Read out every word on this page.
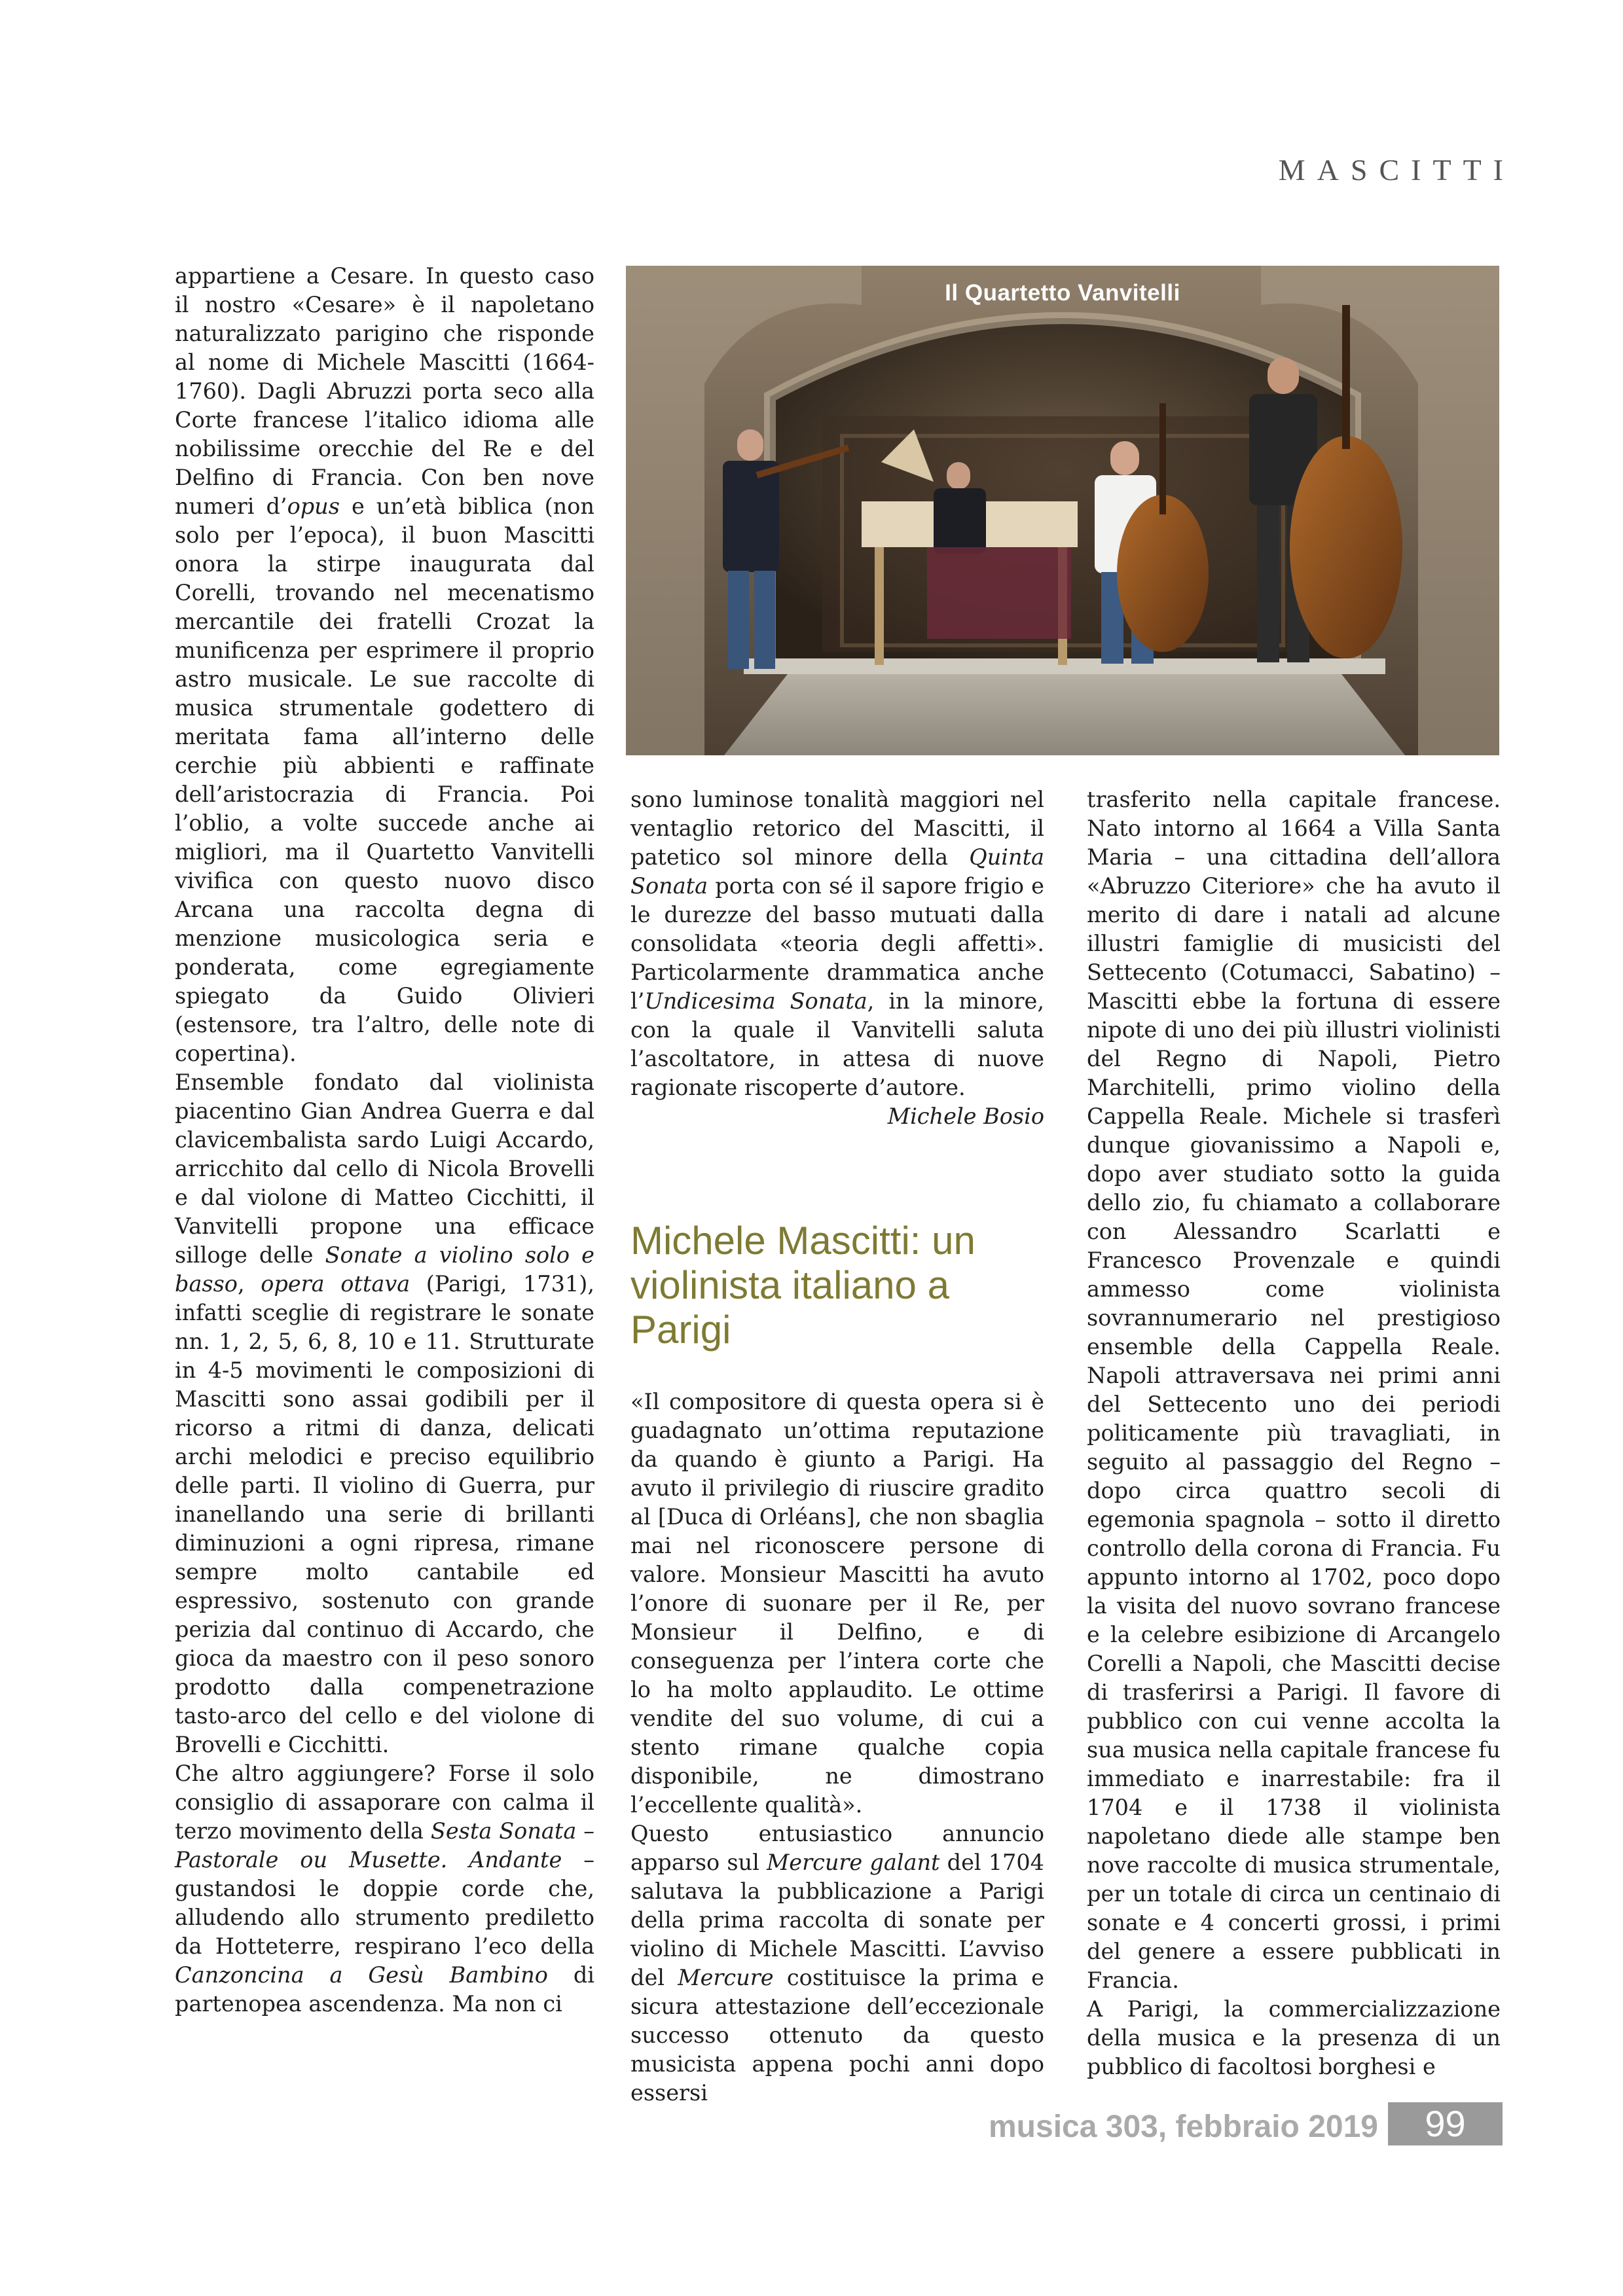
MASCITTI

appartiene a Cesare. In questo caso il nostro «Cesare» è il napoletano naturalizzato parigino che risponde al nome di Michele Mascitti (1664-1760). Dagli Abruzzi porta seco alla Corte francese l’italico idioma alle nobilissime orecchie del Re e del Delfino di Francia. Con ben nove numeri d’opus e un’età biblica (non solo per l’epoca), il buon Mascitti onora la stirpe inaugurata dal Corelli, trovando nel mecenatismo mercantile dei fratelli Crozat la munificenza per esprimere il proprio astro musicale. Le sue raccolte di musica strumentale godettero di meritata fama all’interno delle cerchie più abbienti e raffinate dell’aristocrazia di Francia. Poi l’oblio, a volte succede anche ai migliori, ma il Quartetto Vanvitelli vivifica con questo nuovo disco Arcana una raccolta degna di menzione musicologica seria e ponderata, come egregiamente spiegato da Guido Olivieri (estensore, tra l’altro, delle note di copertina).

Ensemble fondato dal violinista piacentino Gian Andrea Guerra e dal clavicembalista sardo Luigi Accardo, arricchito dal cello di Nicola Brovelli e dal violone di Matteo Cicchitti, il Vanvitelli propone una efficace silloge delle Sonate a violino solo e basso, opera ottava (Parigi, 1731), infatti sceglie di registrare le sonate nn. 1, 2, 5, 6, 8, 10 e 11. Strutturate in 4-5 movimenti le composizioni di Mascitti sono assai godibili per il ricorso a ritmi di danza, delicati archi melodici e preciso equilibrio delle parti. Il violino di Guerra, pur inanellando una serie di brillanti diminuzioni a ogni ripresa, rimane sempre molto cantabile ed espressivo, sostenuto con grande perizia dal continuo di Accardo, che gioca da maestro con il peso sonoro prodotto dalla compenetrazione tasto-arco del cello e del violone di Brovelli e Cicchitti.

Che altro aggiungere? Forse il solo consiglio di assaporare con calma il terzo movimento della Sesta Sonata – Pastorale ou Musette. Andante – gustandosi le doppie corde che, alludendo allo strumento prediletto da Hotteterre, respirano l’eco della Canzoncina a Gesù Bambino di partenopea ascendenza. Ma non ci

Il Quartetto Vanvitelli

sono luminose tonalità maggiori nel ventaglio retorico del Mascitti, il patetico sol minore della Quinta Sonata porta con sé il sapore frigio e le durezze del basso mutuati dalla consolidata «teoria degli affetti». Particolarmente drammatica anche l’Undicesima Sonata, in la minore, con la quale il Vanvitelli saluta l’ascoltatore, in attesa di nuove ragionate riscoperte d’autore.

Michele Bosio

Michele Mascitti: un violinista italiano a Parigi

«Il compositore di questa opera si è guadagnato un’ottima reputazione da quando è giunto a Parigi. Ha avuto il privilegio di riuscire gradito al [Duca di Orléans], che non sbaglia mai nel riconoscere persone di valore. Monsieur Mascitti ha avuto l’onore di suonare per il Re, per Monsieur il Delfino, e di conseguenza per l’intera corte che lo ha molto applaudito. Le ottime vendite del suo volume, di cui a stento rimane qualche copia disponibile, ne dimostrano l’eccellente qualità».

Questo entusiastico annuncio apparso sul Mercure galant del 1704 salutava la pubblicazione a Parigi della prima raccolta di sonate per violino di Michele Mascitti. L’avviso del Mercure costituisce la prima e sicura attestazione dell’eccezionale successo ottenuto da questo musicista appena pochi anni dopo essersi

trasferito nella capitale francese. Nato intorno al 1664 a Villa Santa Maria – una cittadina dell’allora «Abruzzo Citeriore» che ha avuto il merito di dare i natali ad alcune illustri famiglie di musicisti del Settecento (Cotumacci, Sabatino) – Mascitti ebbe la fortuna di essere nipote di uno dei più illustri violinisti del Regno di Napoli, Pietro Marchitelli, primo violino della Cappella Reale. Michele si trasferì dunque giovanissimo a Napoli e, dopo aver studiato sotto la guida dello zio, fu chiamato a collaborare con Alessandro Scarlatti e Francesco Provenzale e quindi ammesso come violinista sovrannumerario nel prestigioso ensemble della Cappella Reale. Napoli attraversava nei primi anni del Settecento uno dei periodi politicamente più travagliati, in seguito al passaggio del Regno – dopo circa quattro secoli di egemonia spagnola – sotto il diretto controllo della corona di Francia. Fu appunto intorno al 1702, poco dopo la visita del nuovo sovrano francese e la celebre esibizione di Arcangelo Corelli a Napoli, che Mascitti decise di trasferirsi a Parigi. Il favore di pubblico con cui venne accolta la sua musica nella capitale francese fu immediato e inarrestabile: fra il 1704 e il 1738 il violinista napoletano diede alle stampe ben nove raccolte di musica strumentale, per un totale di circa un centinaio di sonate e 4 concerti grossi, i primi del genere a essere pubblicati in Francia.

A Parigi, la commercializzazione della musica e la presenza di un pubblico di facoltosi borghesi e

musica 303, febbraio 2019	99
